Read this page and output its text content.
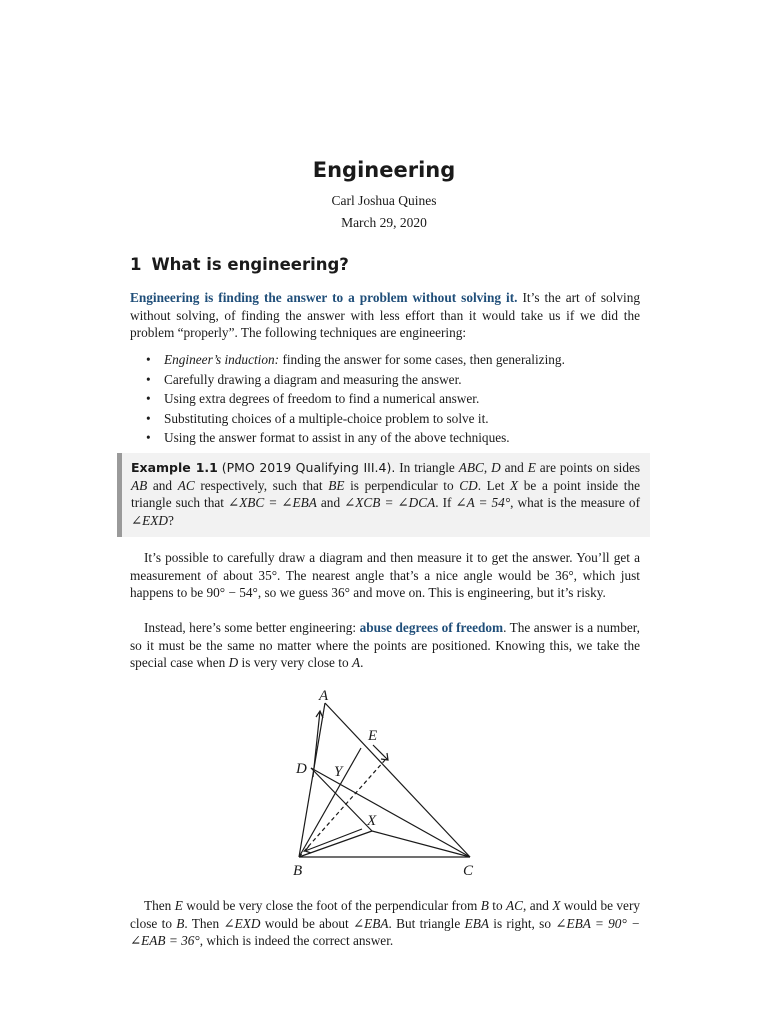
Engineering
Carl Joshua Quines
March 29, 2020
1 What is engineering?
Engineering is finding the answer to a problem without solving it. It’s the art of solving without solving, of finding the answer with less effort than it would take us if we did the problem “properly”. The following techniques are engineering:
• Engineer’s induction: finding the answer for some cases, then generalizing.
• Carefully drawing a diagram and measuring the answer.
• Using extra degrees of freedom to find a numerical answer.
• Substituting choices of a multiple-choice problem to solve it.
• Using the answer format to assist in any of the above techniques.
Example 1.1 (PMO 2019 Qualifying III.4). In triangle ABC, D and E are points on sides AB and AC respectively, such that BE is perpendicular to CD. Let X be a point inside the triangle such that ∠XBC = ∠EBA and ∠XCB = ∠DCA. If ∠A = 54°, what is the measure of ∠EXD?
It’s possible to carefully draw a diagram and then measure it to get the answer. You’ll get a measurement of about 35°. The nearest angle that’s a nice angle would be 36°, which just happens to be 90° − 54°, so we guess 36° and move on. This is engineering, but it’s risky.
Instead, here’s some better engineering: abuse degrees of freedom. The answer is a number, so it must be the same no matter where the points are positioned. Knowing this, we take the special case when D is very very close to A.
A
B	C
D
E
X
Y
Then E would be very close the foot of the perpendicular from B to AC, and X would be very close to B. Then ∠EXD would be about ∠EBA. But triangle EBA is right, so ∠EBA = 90° − ∠EAB = 36°, which is indeed the correct answer.
